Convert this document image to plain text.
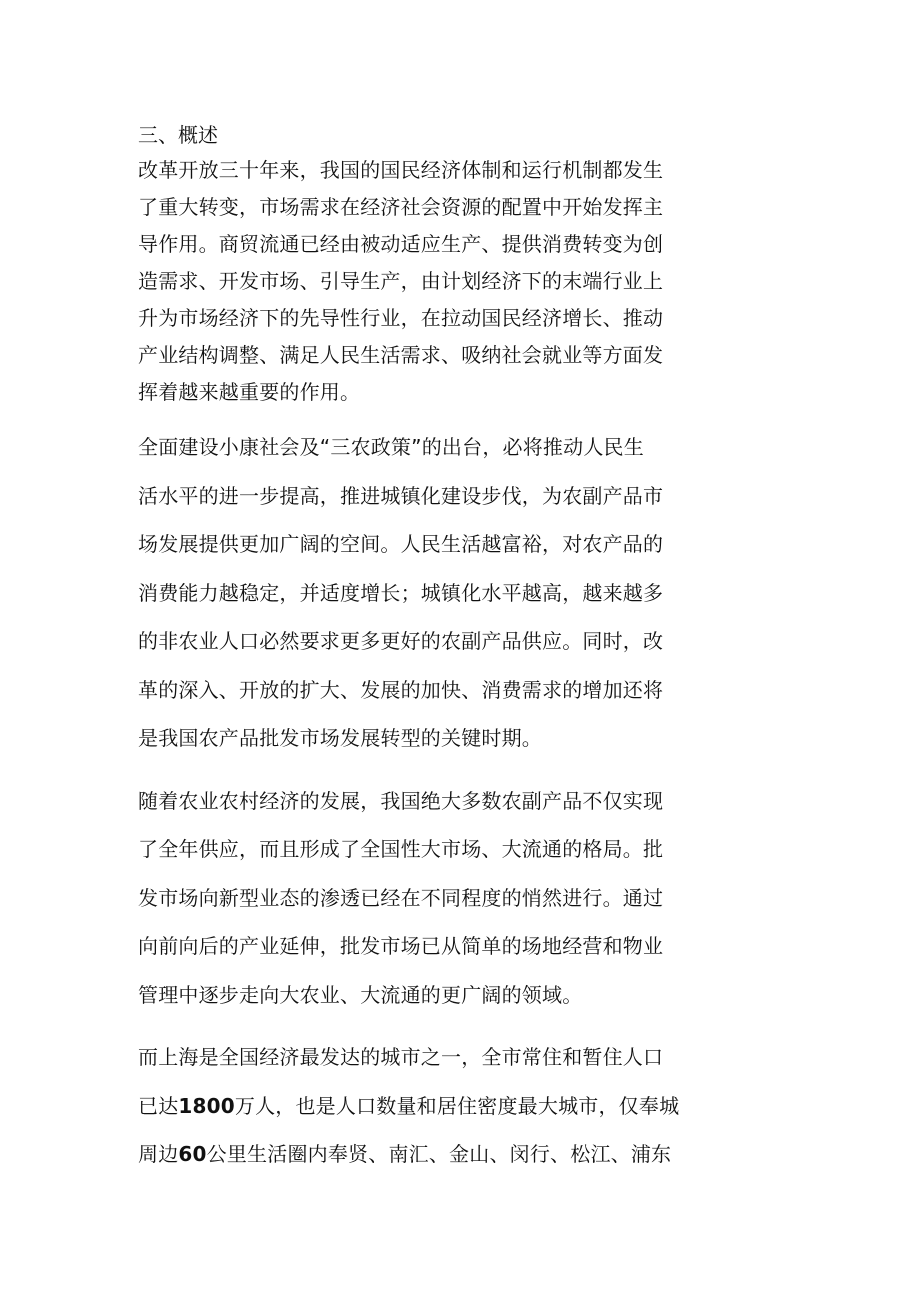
三、概述
改革开放三十年来，我国的国民经济体制和运行机制都发生
了重大转变，市场需求在经济社会资源的配置中开始发挥主
导作用。商贸流通已经由被动适应生产、提供消费转变为创
造需求、开发市场、引导生产，由计划经济下的末端行业上
升为市场经济下的先导性行业，在拉动国民经济增长、推动
产业结构调整、满足人民生活需求、吸纳社会就业等方面发
挥着越来越重要的作用。
全面建设小康社会及“三农政策”的出台，必将推动人民生
活水平的进一步提高，推进城镇化建设步伐，为农副产品市
场发展提供更加广阔的空间。人民生活越富裕，对农产品的
消费能力越稳定，并适度增长；城镇化水平越高，越来越多
的非农业人口必然要求更多更好的农副产品供应。同时，改
革的深入、开放的扩大、发展的加快、消费需求的增加还将
是我国农产品批发市场发展转型的关键时期。
随着农业农村经济的发展，我国绝大多数农副产品不仅实现
了全年供应，而且形成了全国性大市场、大流通的格局。批
发市场向新型业态的渗透已经在不同程度的悄然进行。通过
向前向后的产业延伸，批发市场已从简单的场地经营和物业
管理中逐步走向大农业、大流通的更广阔的领域。
而上海是全国经济最发达的城市之一，全市常住和暂住人口
已达1800万人，也是人口数量和居住密度最大城市，仅奉城
周边60公里生活圈内奉贤、南汇、金山、闵行、松江、浦东
